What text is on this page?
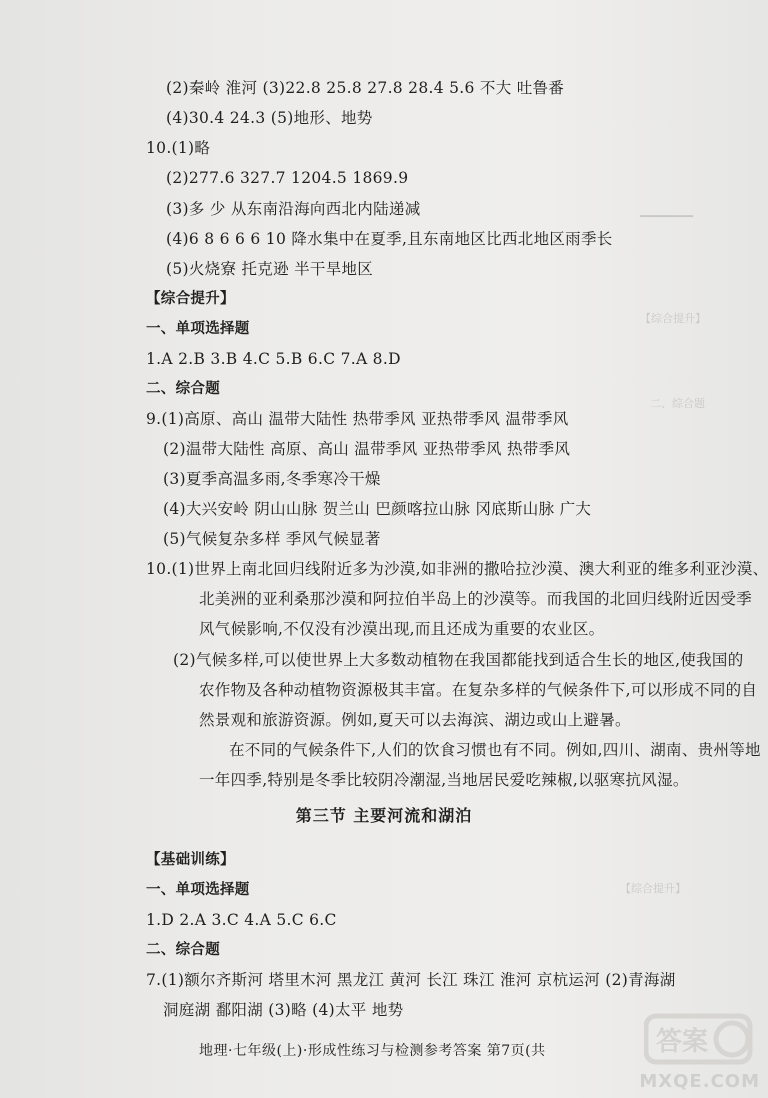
━━━━━━━━
【综合提升】
二、综合题
【综合提升】
(2)秦岭 淮河 (3)22.8 25.8 27.8 28.4 5.6 不大 吐鲁番
(4)30.4 24.3 (5)地形、地势
10.(1)略
(2)277.6 327.7 1204.5 1869.9
(3)多 少 从东南沿海向西北内陆递减
(4)6 8 6 6 6 10 降水集中在夏季,且东南地区比西北地区雨季长
(5)火烧寮 托克逊 半干旱地区
【综合提升】
一、单项选择题
1.A 2.B 3.B 4.C 5.B 6.C 7.A 8.D
二、综合题
9.(1)高原、高山 温带大陆性 热带季风 亚热带季风 温带季风
(2)温带大陆性 高原、高山 温带季风 亚热带季风 热带季风
(3)夏季高温多雨,冬季寒冷干燥
(4)大兴安岭 阴山山脉 贺兰山 巴颜喀拉山脉 冈底斯山脉 广大
(5)气候复杂多样 季风气候显著
10.(1)世界上南北回归线附近多为沙漠,如非洲的撒哈拉沙漠、澳大利亚的维多利亚沙漠、
北美洲的亚利桑那沙漠和阿拉伯半岛上的沙漠等。而我国的北回归线附近因受季
风气候影响,不仅没有沙漠出现,而且还成为重要的农业区。
(2)气候多样,可以使世界上大多数动植物在我国都能找到适合生长的地区,使我国的
农作物及各种动植物资源极其丰富。在复杂多样的气候条件下,可以形成不同的自
然景观和旅游资源。例如,夏天可以去海滨、湖边或山上避暑。
在不同的气候条件下,人们的饮食习惯也有不同。例如,四川、湖南、贵州等地
一年四季,特别是冬季比较阴冷潮湿,当地居民爱吃辣椒,以驱寒抗风湿。
第三节 主要河流和湖泊
【基础训练】
一、单项选择题
1.D 2.A 3.C 4.A 5.C 6.C
二、综合题
7.(1)额尔齐斯河 塔里木河 黑龙江 黄河 长江 珠江 淮河 京杭运河 (2)青海湖
洞庭湖 鄱阳湖 (3)略 (4)太平 地势
地理·七年级(上)·形成性练习与检测参考答案 第7页(共	答案
MXQE.COM
